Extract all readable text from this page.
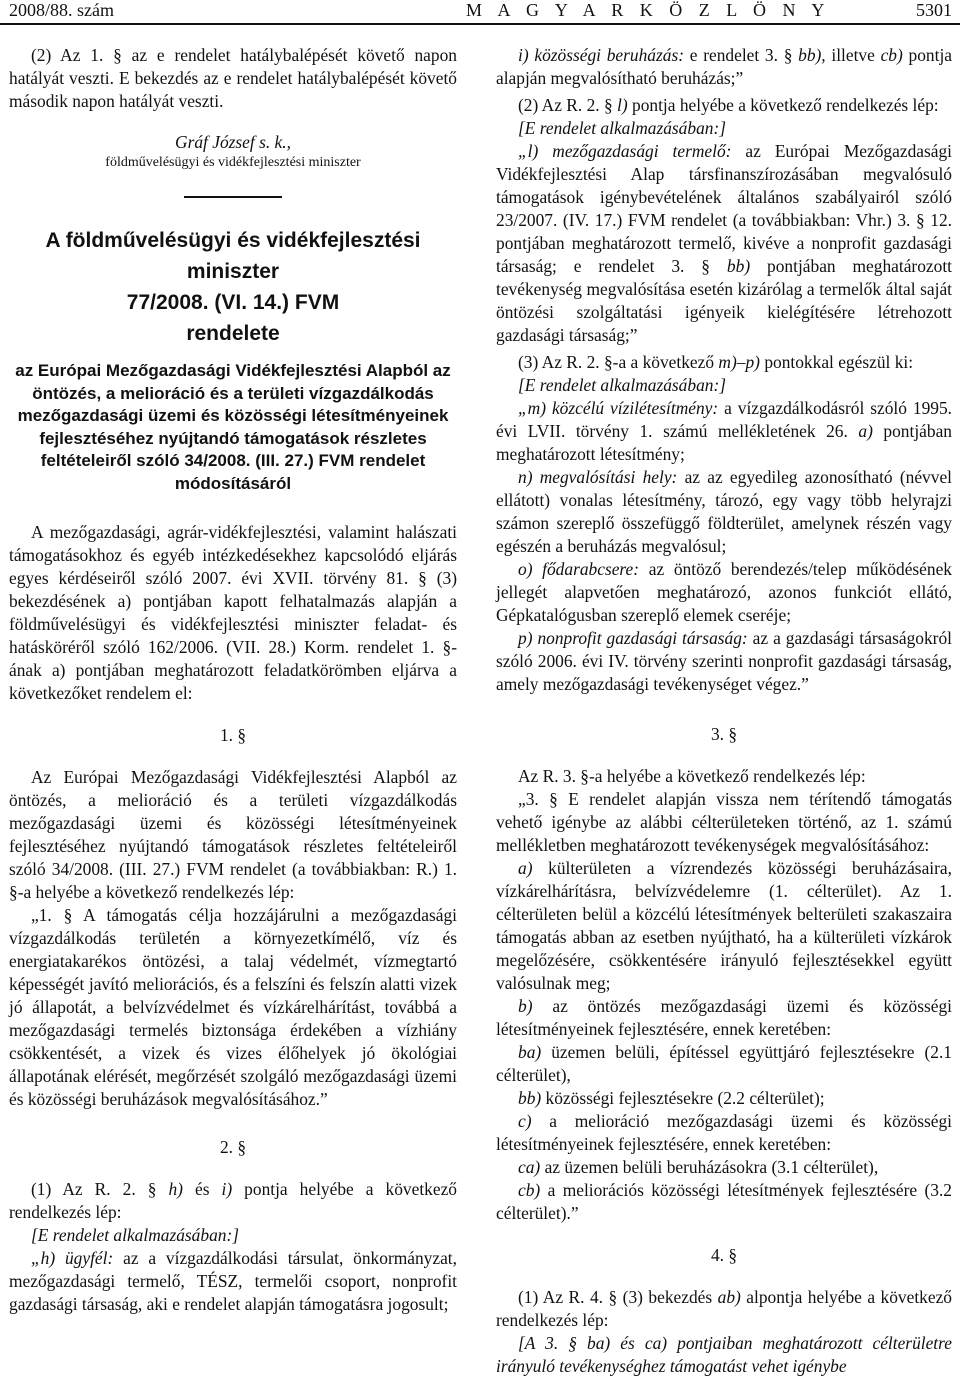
2008/88. szám	M A G Y A R K Ö Z L Ö N Y	5301

(2) Az 1. § az e rendelet hatálybalépését követő napon hatályát veszti. E bekezdés az e rendelet hatálybalépését követő második napon hatályát veszti.

Gráf József s. k.,

földművelésügyi és vidékfejlesztési miniszter

A földművelésügyi és vidékfejlesztési
miniszter
77/2008. (VI. 14.) FVM
rendelete

az Európai Mezőgazdasági Vidékfejlesztési Alapból az öntözés, a melioráció és a területi vízgazdálkodás mezőgazdasági üzemi és közösségi létesítményeinek fejlesztéséhez nyújtandó támogatások részletes feltételeiről szóló 34/2008. (III. 27.) FVM rendelet módosításáról

A mezőgazdasági, agrár-vidékfejlesztési, valamint halászati támogatásokhoz és egyéb intézkedésekhez kapcsolódó eljárás egyes kérdéseiről szóló 2007. évi XVII. törvény 81. § (3) bekezdésének a) pontjában kapott felhatalmazás alapján a földművelésügyi és vidékfejlesztési miniszter feladat- és hatásköréről szóló 162/2006. (VII. 28.) Korm. rendelet 1. §-ának a) pontjában meghatározott feladatkörömben eljárva a következőket rendelem el:

1. §

Az Európai Mezőgazdasági Vidékfejlesztési Alapból az öntözés, a melioráció és a területi vízgazdálkodás mezőgazdasági üzemi és közösségi létesítményeinek fejlesztéséhez nyújtandó támogatások részletes feltételeiről szóló 34/2008. (III. 27.) FVM rendelet (a továbbiakban: R.) 1. §-a helyébe a következő rendelkezés lép:

„1. § A támogatás célja hozzájárulni a mezőgazdasági vízgazdálkodás területén a környezetkímélő, víz és energiatakarékos öntözési, a talaj védelmét, vízmegtartó képességét javító meliorációs, és a felszíni és felszín alatti vizek jó állapotát, a belvízvédelmet és vízkárelhárítást, továbbá a mezőgazdasági termelés biztonsága érdekében a vízhiány csökkentését, a vizek és vizes élőhelyek jó ökológiai állapotának elérését, megőrzését szolgáló mezőgazdasági üzemi és közösségi beruházások megvalósításához.”

2. §

(1) Az R. 2. § h) és i) pontja helyébe a következő rendelkezés lép:

[E rendelet alkalmazásában:]

„h) ügyfél: az a vízgazdálkodási társulat, önkormányzat, mezőgazdasági termelő, TÉSZ, termelői csoport, nonprofit gazdasági társaság, aki e rendelet alapján támogatásra jogosult;

i) közösségi beruházás: e rendelet 3. § bb), illetve cb) pontja alapján megvalósítható beruházás;”

(2) Az R. 2. § l) pontja helyébe a következő rendelkezés lép:

[E rendelet alkalmazásában:]

„l) mezőgazdasági termelő: az Európai Mezőgazdasági Vidékfejlesztési Alap társfinanszírozásában megvalósuló támogatások igénybevételének általános szabályairól szóló 23/2007. (IV. 17.) FVM rendelet (a továbbiakban: Vhr.) 3. § 12. pontjában meghatározott termelő, kivéve a nonprofit gazdasági társaság; e rendelet 3. § bb) pontjában meghatározott tevékenység megvalósítása esetén kizárólag a termelők által saját öntözési szolgáltatási igényeik kielégítésére létrehozott gazdasági társaság;”

(3) Az R. 2. §-a a következő m)–p) pontokkal egészül ki:

[E rendelet alkalmazásában:]

„m) közcélú vízilétesítmény: a vízgazdálkodásról szóló 1995. évi LVII. törvény 1. számú mellékletének 26. a) pontjában meghatározott létesítmény;

n) megvalósítási hely: az az egyedileg azonosítható (névvel ellátott) vonalas létesítmény, tározó, egy vagy több helyrajzi számon szereplő összefüggő földterület, amelynek részén vagy egészén a beruházás megvalósul;

o) fődarabcsere: az öntöző berendezés/telep működésének jellegét alapvetően meghatározó, azonos funkciót ellátó, Gépkatalógusban szereplő elemek cseréje;

p) nonprofit gazdasági társaság: az a gazdasági társaságokról szóló 2006. évi IV. törvény szerinti nonprofit gazdasági társaság, amely mezőgazdasági tevékenységet végez.”

3. §

Az R. 3. §-a helyébe a következő rendelkezés lép:

„3. § E rendelet alapján vissza nem térítendő támogatás vehető igénybe az alábbi célterületeken történő, az 1. számú mellékletben meghatározott tevékenységek megvalósításához:

a) külterületen a vízrendezés közösségi beruházásaira, vízkárelhárításra, belvízvédelemre (1. célterület). Az 1. célterületen belül a közcélú létesítmények belterületi szakaszaira támogatás abban az esetben nyújtható, ha a külterületi vízkárok megelőzésére, csökkentésére irányuló fejlesztésekkel együtt valósulnak meg;

b) az öntözés mezőgazdasági üzemi és közösségi létesítményeinek fejlesztésére, ennek keretében:

ba) üzemen belüli, építéssel együttjáró fejlesztésekre (2.1 célterület),

bb) közösségi fejlesztésekre (2.2 célterület);

c) a melioráció mezőgazdasági üzemi és közösségi létesítményeinek fejlesztésére, ennek keretében:

ca) az üzemen belüli beruházásokra (3.1 célterület),

cb) a meliorációs közösségi létesítmények fejlesztésére (3.2 célterület).”

4. §

(1) Az R. 4. § (3) bekezdés ab) alpontja helyébe a következő rendelkezés lép:

[A 3. § ba) és ca) pontjaiban meghatározott célterületre irányuló tevékenységhez támogatást vehet igénybe
